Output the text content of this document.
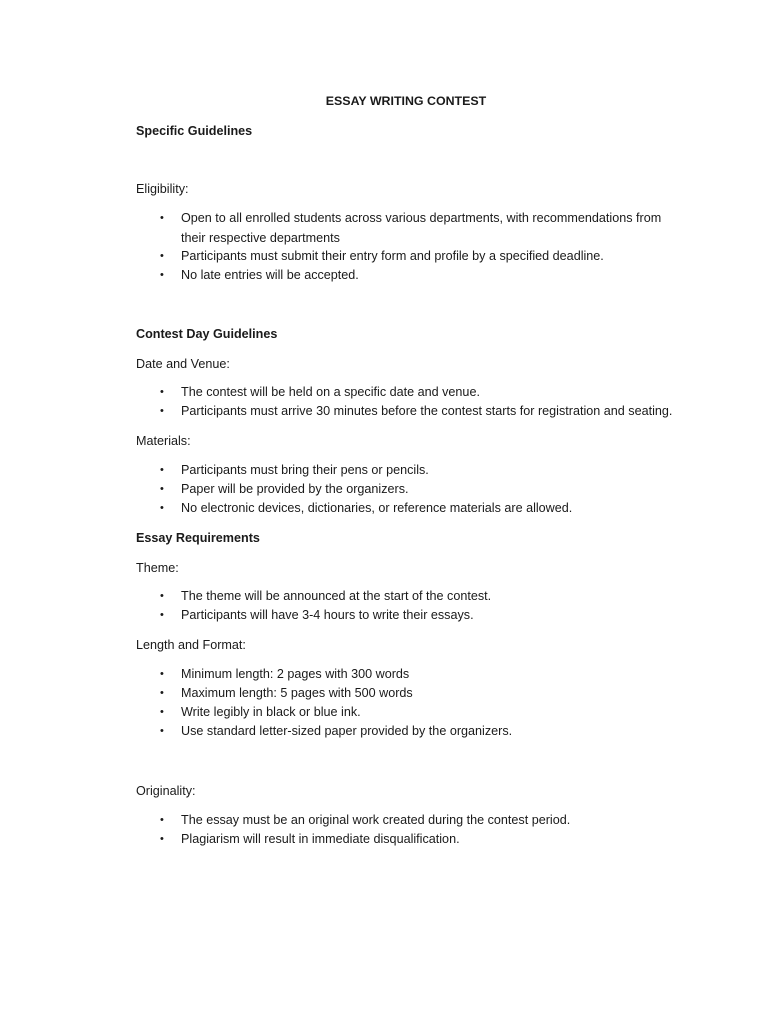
ESSAY WRITING CONTEST

Specific Guidelines

Eligibility:

• Open to all enrolled students across various departments, with recommendations from their respective departments
• Participants must submit their entry form and profile by a specified deadline.
• No late entries will be accepted.

Contest Day Guidelines

Date and Venue:

• The contest will be held on a specific date and venue.
• Participants must arrive 30 minutes before the contest starts for registration and seating.

Materials:

• Participants must bring their pens or pencils.
• Paper will be provided by the organizers.
• No electronic devices, dictionaries, or reference materials are allowed.

Essay Requirements

Theme:

• The theme will be announced at the start of the contest.
• Participants will have 3-4 hours to write their essays.

Length and Format:

• Minimum length: 2 pages with 300 words
• Maximum length: 5 pages with 500 words
• Write legibly in black or blue ink.
• Use standard letter-sized paper provided by the organizers.

Originality:

• The essay must be an original work created during the contest period.
• Plagiarism will result in immediate disqualification.
